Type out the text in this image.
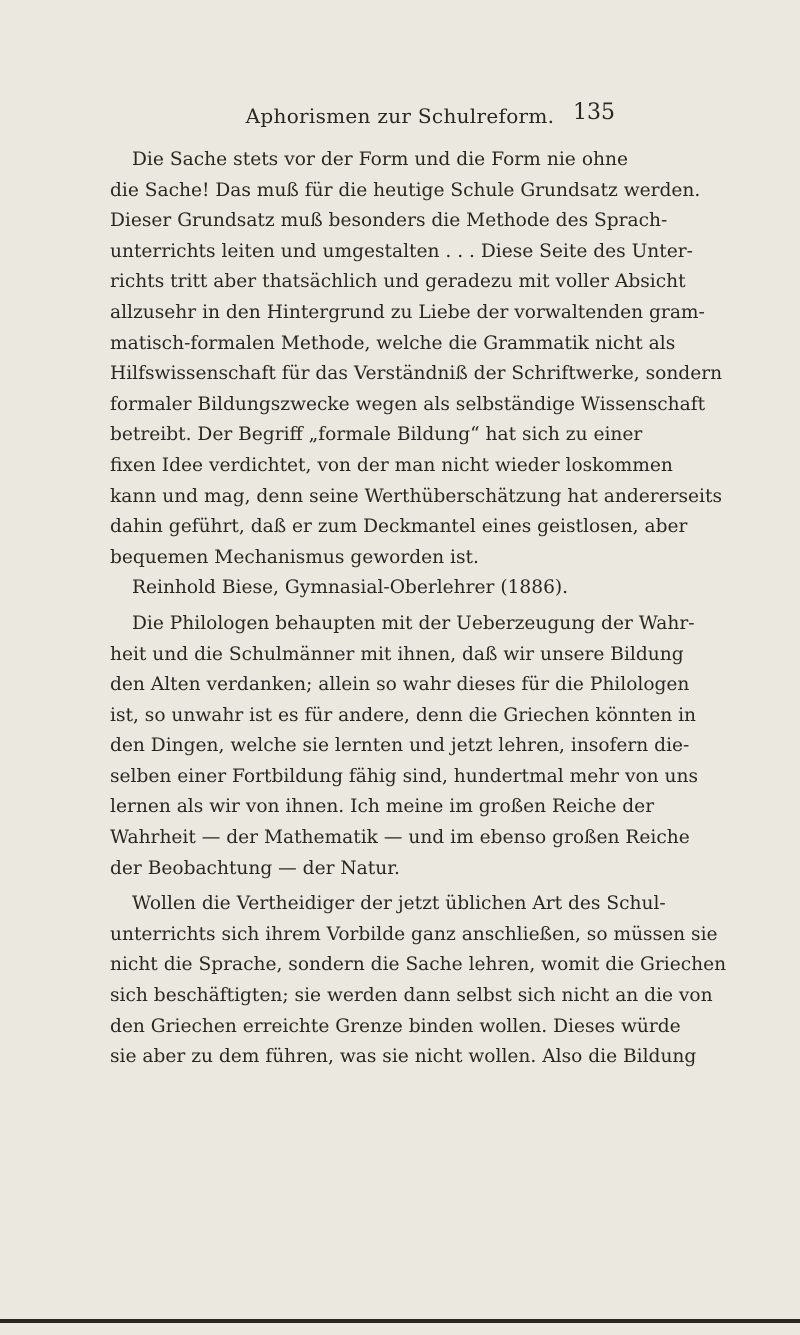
Aphorismen zur Schulreform. 135
Die Sache stets vor der Form und die Form nie ohne
die Sache! Das muß für die heutige Schule Grundsatz werden.
Dieser Grundsatz muß besonders die Methode des Sprach-
unterrichts leiten und umgestalten . . . Diese Seite des Unter-
richts tritt aber thatsächlich und geradezu mit voller Absicht
allzusehr in den Hintergrund zu Liebe der vorwaltenden gram-
matisch-formalen Methode, welche die Grammatik nicht als
Hilfswissenschaft für das Verständniß der Schriftwerke, sondern
formaler Bildungszwecke wegen als selbständige Wissenschaft
betreibt. Der Begriff „formale Bildung“ hat sich zu einer
fixen Idee verdichtet, von der man nicht wieder loskommen
kann und mag, denn seine Werthüberschätzung hat andererseits
dahin geführt, daß er zum Deckmantel eines geistlosen, aber
bequemen Mechanismus geworden ist.
Reinhold Biese, Gymnasial-Oberlehrer (1886).
Die Philologen behaupten mit der Ueberzeugung der Wahr-
heit und die Schulmänner mit ihnen, daß wir unsere Bildung
den Alten verdanken; allein so wahr dieses für die Philologen
ist, so unwahr ist es für andere, denn die Griechen könnten in
den Dingen, welche sie lernten und jetzt lehren, insofern die-
selben einer Fortbildung fähig sind, hundertmal mehr von uns
lernen als wir von ihnen. Ich meine im großen Reiche der
Wahrheit — der Mathematik — und im ebenso großen Reiche
der Beobachtung — der Natur.
Wollen die Vertheidiger der jetzt üblichen Art des Schul-
unterrichts sich ihrem Vorbilde ganz anschließen, so müssen sie
nicht die Sprache, sondern die Sache lehren, womit die Griechen
sich beschäftigten; sie werden dann selbst sich nicht an die von
den Griechen erreichte Grenze binden wollen. Dieses würde
sie aber zu dem führen, was sie nicht wollen. Also die Bildung
